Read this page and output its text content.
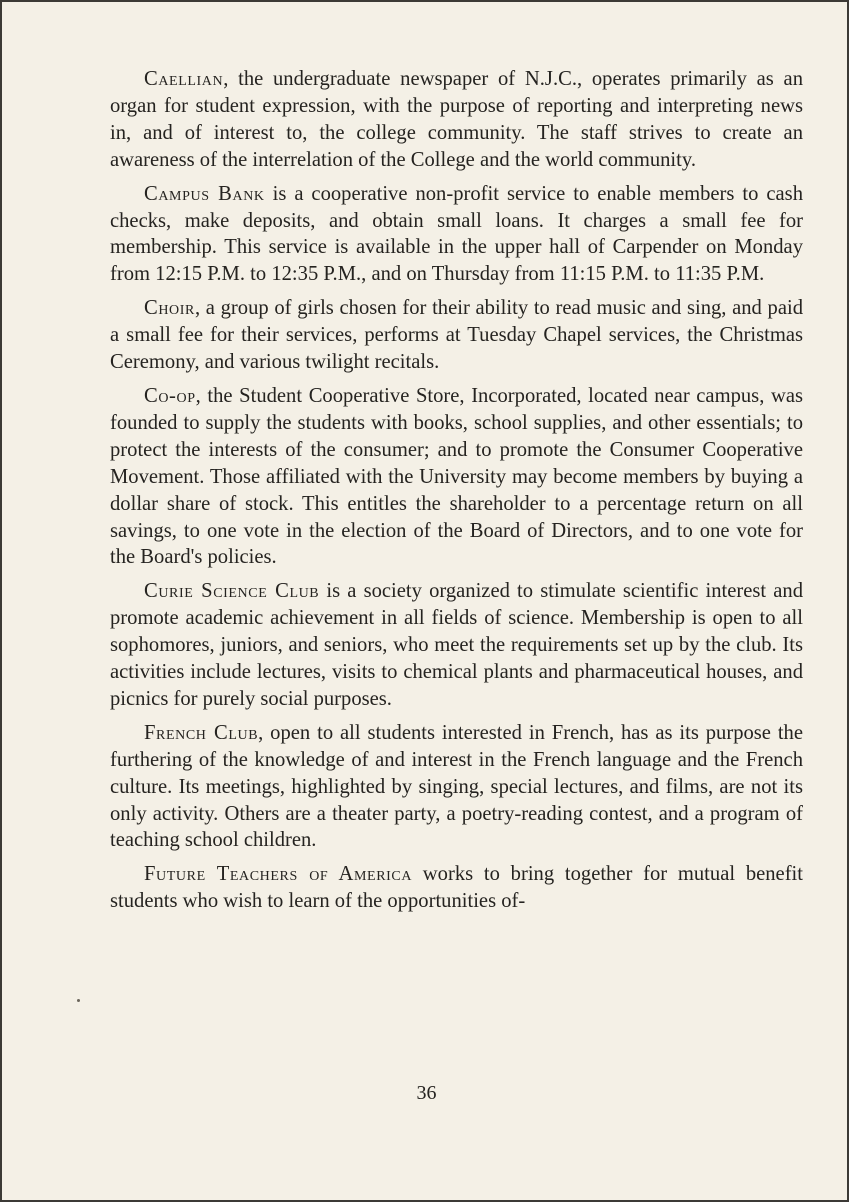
Caellian, the undergraduate newspaper of N.J.C., operates primarily as an organ for student expression, with the purpose of reporting and interpreting news in, and of interest to, the college community. The staff strives to create an awareness of the interrelation of the College and the world community.

Campus Bank is a cooperative non-profit service to enable members to cash checks, make deposits, and obtain small loans. It charges a small fee for membership. This service is available in the upper hall of Carpender on Monday from 12:15 P.M. to 12:35 P.M., and on Thursday from 11:15 P.M. to 11:35 P.M.

Choir, a group of girls chosen for their ability to read music and sing, and paid a small fee for their services, performs at Tuesday Chapel services, the Christmas Ceremony, and various twilight recitals.

Co-op, the Student Cooperative Store, Incorporated, located near campus, was founded to supply the students with books, school supplies, and other essentials; to protect the interests of the consumer; and to promote the Consumer Cooperative Movement. Those affiliated with the University may become members by buying a dollar share of stock. This entitles the shareholder to a percentage return on all savings, to one vote in the election of the Board of Directors, and to one vote for the Board's policies.

Curie Science Club is a society organized to stimulate scientific interest and promote academic achievement in all fields of science. Membership is open to all sophomores, juniors, and seniors, who meet the requirements set up by the club. Its activities include lectures, visits to chemical plants and pharmaceutical houses, and picnics for purely social purposes.

French Club, open to all students interested in French, has as its purpose the furthering of the knowledge of and interest in the French language and the French culture. Its meetings, highlighted by singing, special lectures, and films, are not its only activity. Others are a theater party, a poetry-reading contest, and a program of teaching school children.

Future Teachers of America works to bring together for mutual benefit students who wish to learn of the opportunities of-

36
